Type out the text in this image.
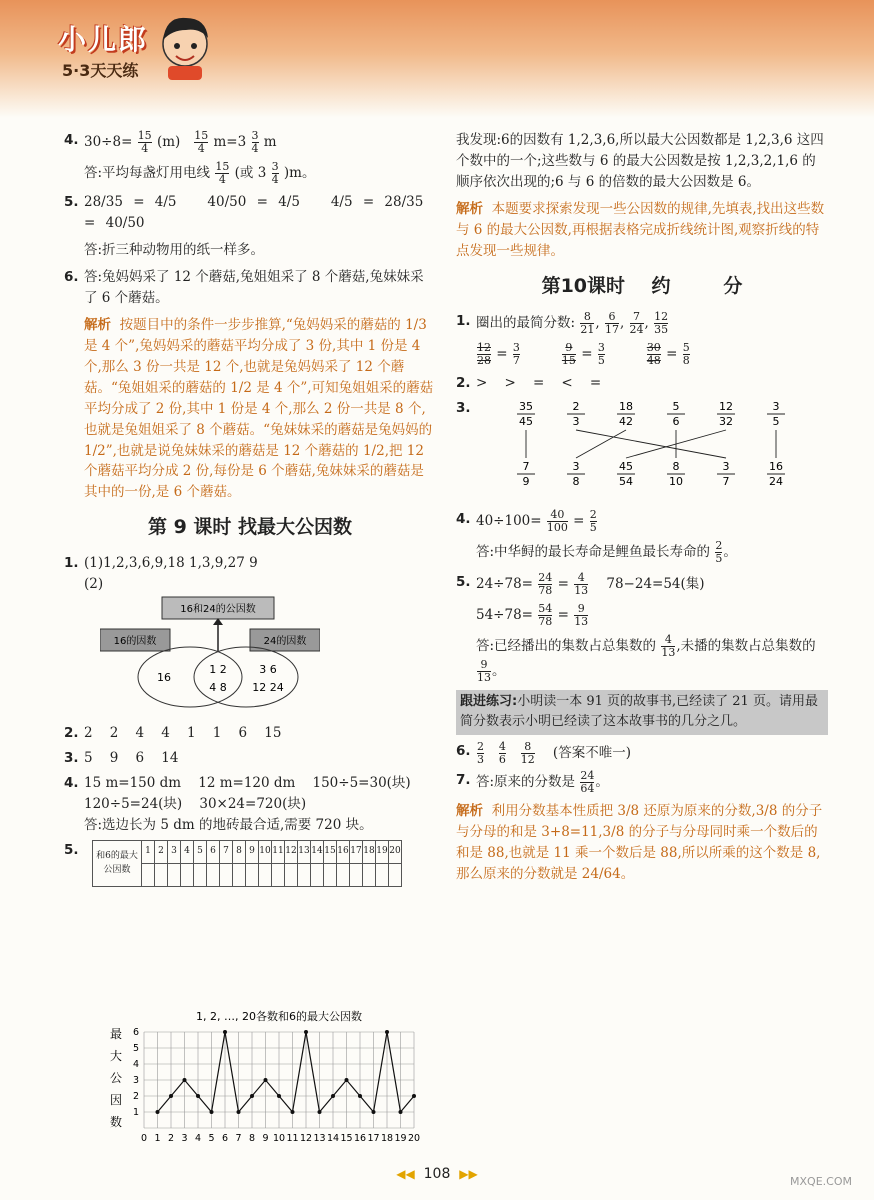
小儿郎
5·3天天练
4. $30\div 8= \frac{15}{4} (m) \frac{15}{4} m=3 \frac{3}{4}$ m
答:平均每盏灯用电线 $\frac{15}{4}$ (或 $3 \frac{3}{4} )m$。
5. 28/35 = 4/5 40/50 = 4/5 4/5 = 28/35 = 40/50
答:折三种动物用的纸一样多。
6. 答:兔妈妈采了 12 个蘑菇,兔姐姐采了 8 个蘑菇,兔妹妹采了 6 个蘑菇。
解析 按题目中的条件一步步推算,“兔妈妈采的蘑菇的 1/3 是 4 个”,兔妈妈采的蘑菇平均分成了 3 份,其中 1 份是 4 个,那么 3 份一共是 12 个,也就是兔妈妈采了 12 个蘑菇。“兔姐姐采的蘑菇的 1/2 是 4 个”,可知兔姐姐采的蘑菇平均分成了 2 份,其中 1 份是 4 个,那么 2 份一共是 8 个,也就是兔姐姐采了 8 个蘑菇。“兔妹妹采的蘑菇是兔妈妈的 1/2”,也就是说兔妹妹采的蘑菇是 12 个蘑菇的 1/2,把 12 个蘑菇平均分成 2 份,每份是 6 个蘑菇,兔妹妹采的蘑菇是其中的一份,是 6 个蘑菇。
第 9 课时 找最大公因数
1. (1)1,2,3,6,9,18 1,3,9,27 9
(2)
16和24的公因数
16的因数	24的因数
16
1 2
4 8
3 6
12 24
2. 2    2    4    4    1    1    6    15
3. 5    9    6    14
4. 15 m=150 dm    12 m=120 dm    150÷5=30(块)
120÷5=24(块)    30×24=720(块)
答:选边长为 5 dm 的地砖最合适,需要 720 块。
5. 和6的最大公因数	1	2	3	4	5	6	7	8	9	10	11	12	13	14	15	16	17	18	19	20

1, 2, …, 20各数和6的最大公因数
最
大
公
因
数
0 1 2 3 4 5 6 7 8 9 10 11 12 13 14 15 16 17 18 19 20
1
2
3
4
5
6
我发现:6的因数有 1,2,3,6,所以最大公因数都是 1,2,3,6 这四个数中的一个;这些数与 6 的最大公因数是按 1,2,3,2,1,6 的顺序依次出现的;6 与 6 的倍数的最大公因数是 6。
解析 本题要求探索发现一些公因数的规律,先填表,找出这些数与 6 的最大公因数,再根据表格完成折线统计图,观察折线的特点发现一些规律。
第10课时    约        分
1. 圈出的最简分数: $\frac{8}{21}$ , $\frac{6}{17}$ , $\frac{7}{24}$ , $\frac{12}{35}$
$\frac{12}{28} = \frac{3}{7}$	$\frac{9}{15} = \frac{3}{5}$	$\frac{30}{48} = \frac{5}{8}$
2. >    >    =    <    =
3.	35
45
2
3
18
42
5
6
12
32
3
5
7
9
3
8
45
54
8
10
3
7
16
24
4. $40\div 100= \frac{40}{100} = \frac{2}{5}$
答:中华鲟的最长寿命是鲤鱼最长寿命的 $\frac{2}{5}$ 。
5. $24\div 78= \frac{24}{78} = \frac{4}{13} 78-24=54$(集)
$54\div 78= \frac{54}{78} = \frac{9}{13}$
答:已经播出的集数占总集数的 $\frac{4}{13}$ ,未播的集数占总集数的
$\frac{9}{13}$ 。
跟进练习:小明读一本 91 页的故事书,已经读了 21 页。请用最简分数表示小明已经读了这本故事书的几分之几。
6. $\frac{2}{3}$
$\frac{4}{6}$
$\frac{8}{12}$ (答案不唯一)
7. 答:原来的分数是 $\frac{24}{64}$ 。
解析 利用分数基本性质把 3/8 还原为原来的分数,3/8 的分子与分母的和是 3+8=11,3/8 的分子与分母同时乘一个数后的和是 88,也就是 11 乘一个数后是 88,所以所乘的这个数是 8,那么原来的分数就是 24/64。
◀◀ 108 ▶▶
MXQE.COM
